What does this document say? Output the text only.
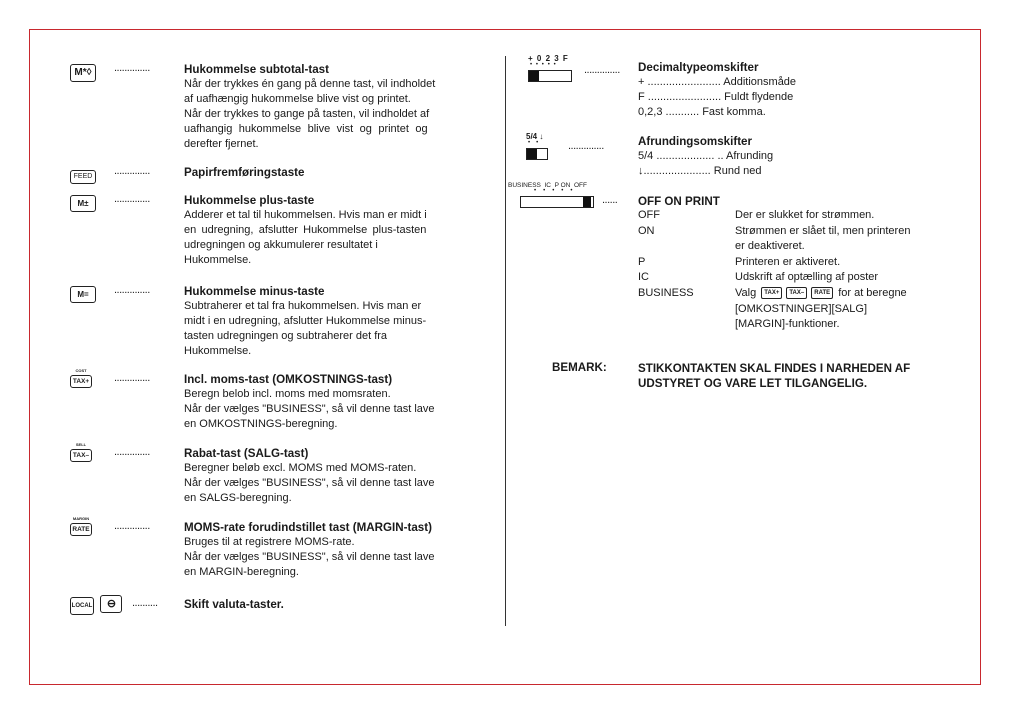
M*◊	..............	Hukommelse subtotal-tast

Når der trykkes én gang på denne tast, vil indholdet

af uafhængig hukommelse blive vist og printet.

Når der trykkes to gange på tasten, vil indholdet af

uafhangig hukommelse blive vist og printet og

derefter fjernet.

FEED	..............	Papirfremføringstaste

M±	..............	Hukommelse plus-taste

Adderer et tal til hukommelsen. Hvis man er midt i

en udregning, afslutter Hukommelse plus-tasten

udregningen og akkumulerer resultatet i

Hukommelse.

M=	..............	Hukommelse minus-taste

Subtraherer et tal fra hukommelsen. Hvis man er

midt i en udregning, afslutter Hukommelse minus-

tasten udregningen og subtraherer det fra

Hukommelse.

COST
TAX+ ..............	Incl. moms-tast (OMKOSTNINGS-tast)

Beregn belob incl. moms med momsraten.

Når der vælges "BUSINESS", så vil denne tast lave

en OMKOSTNINGS-beregning.

SELL
TAX– ..............	Rabat-tast (SALG-tast)

Beregner beløb excl. MOMS med MOMS-raten.

Når der vælges "BUSINESS", så vil denne tast lave

en SALGS-beregning.

MARGIN
RATE ..............	MOMS-rate forudindstillet tast (MARGIN-tast)

Bruges til at registrere MOMS-rate.

Når der vælges "BUSINESS", så vil denne tast lave

en MARGIN-beregning.

LOCAL ⊖	.......... Skift valuta-taster.

+ 0 2 3 F
•••••	.............. Decimaltypeomskifter

+ ........................ Additionsmåde

F ........................ Fuldt flydende

0,2,3 ........... Fast komma.

5/4 ↓
••	..............	Afrundingsomskifter

5/4 ................... .. Afrunding

↓...................... Rund ned

BUSINESS  IC  P ON  OFF
•••••
...... OFF ON PRINT

OFF	Der er slukket for strømmen.
ON	Strømmen er slået til, men printeren
er deaktiveret.
P	Printeren er aktiveret.
IC	Udskrift af optælling af poster
BUSINESS	Valg TAX+ TAX– RATE for at beregne
[OMKOSTNINGER][SALG]
[MARGIN]-funktioner.
BEMARK:	STIKKONTAKTEN SKAL FINDES I NARHEDEN AF
UDSTYRET OG VARE LET TILGANGELIG.
